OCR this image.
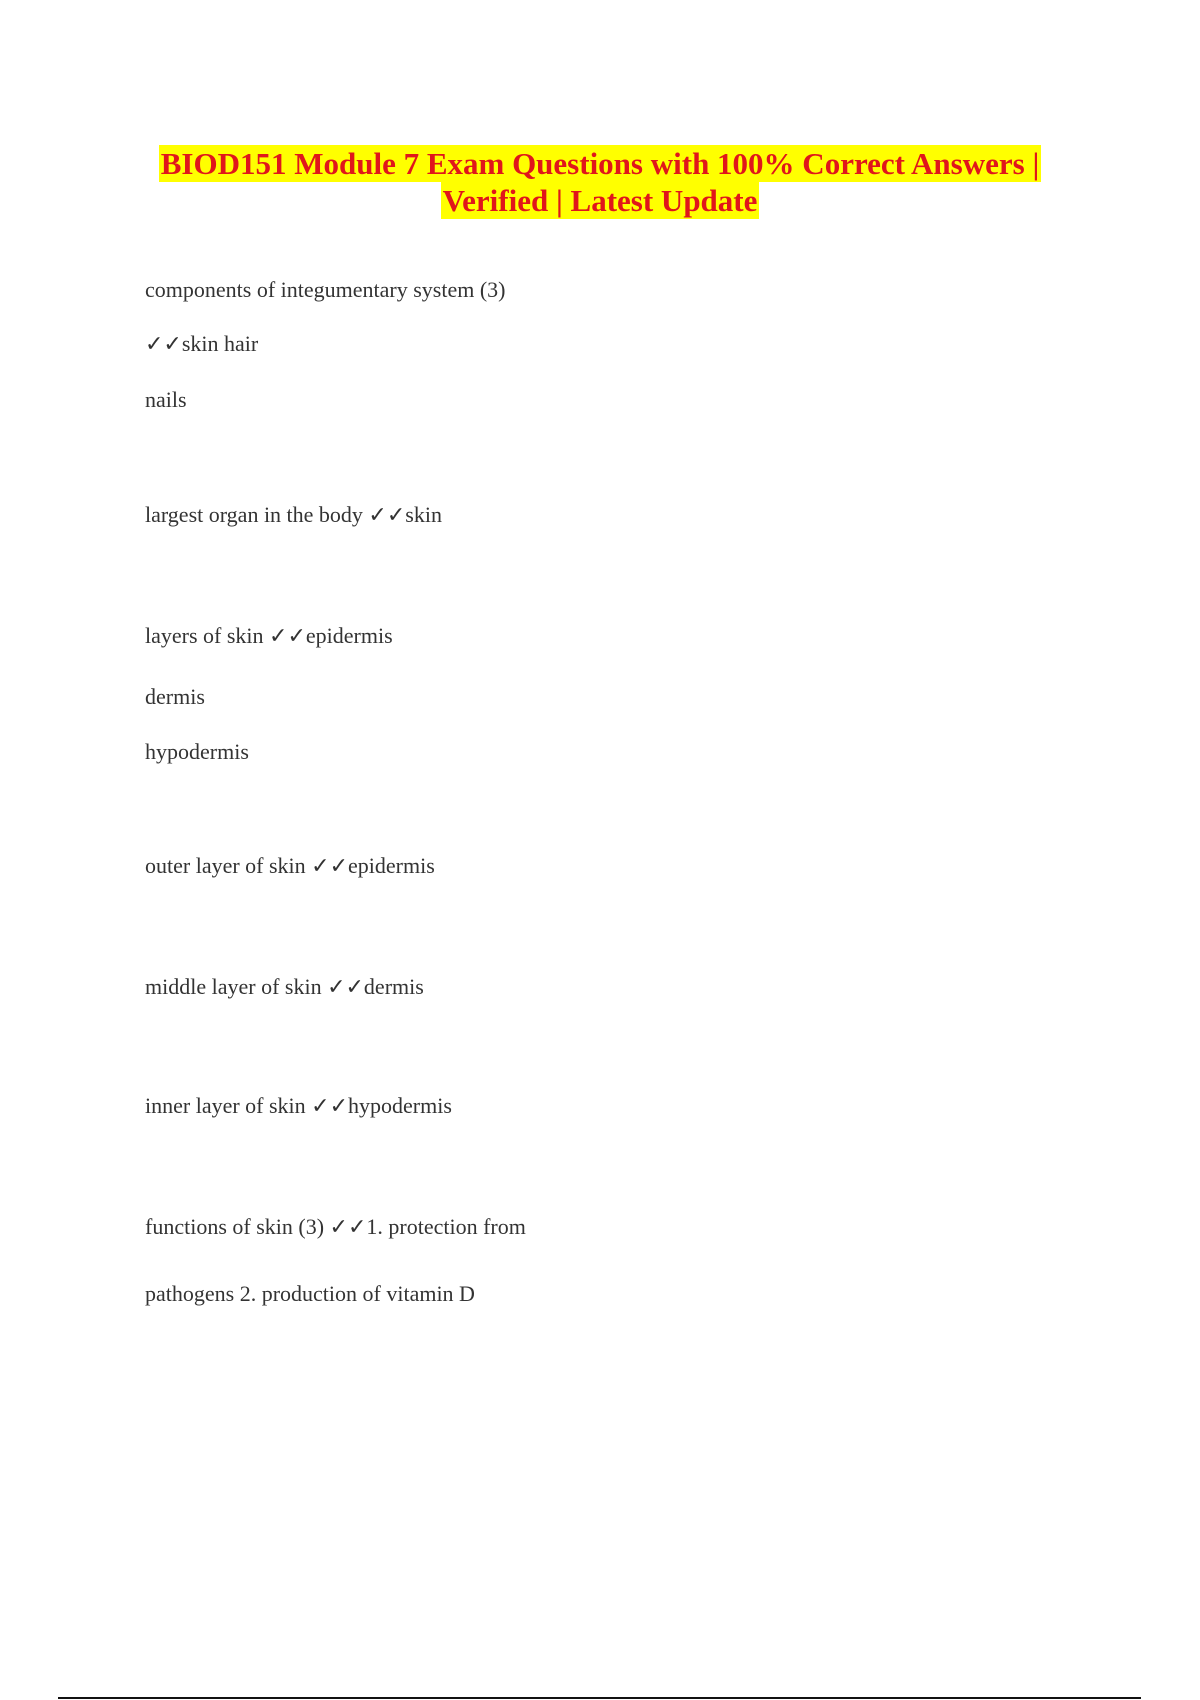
BIOD151 Module 7 Exam Questions with 100% Correct Answers |
Verified | Latest Update
components of integumentary system (3)
✓✓skin hair
nails
largest organ in the body ✓✓skin
layers of skin ✓✓epidermis
dermis
hypodermis
outer layer of skin ✓✓epidermis
middle layer of skin ✓✓dermis
inner layer of skin ✓✓hypodermis
functions of skin (3) ✓✓1. protection from
pathogens 2. production of vitamin D
